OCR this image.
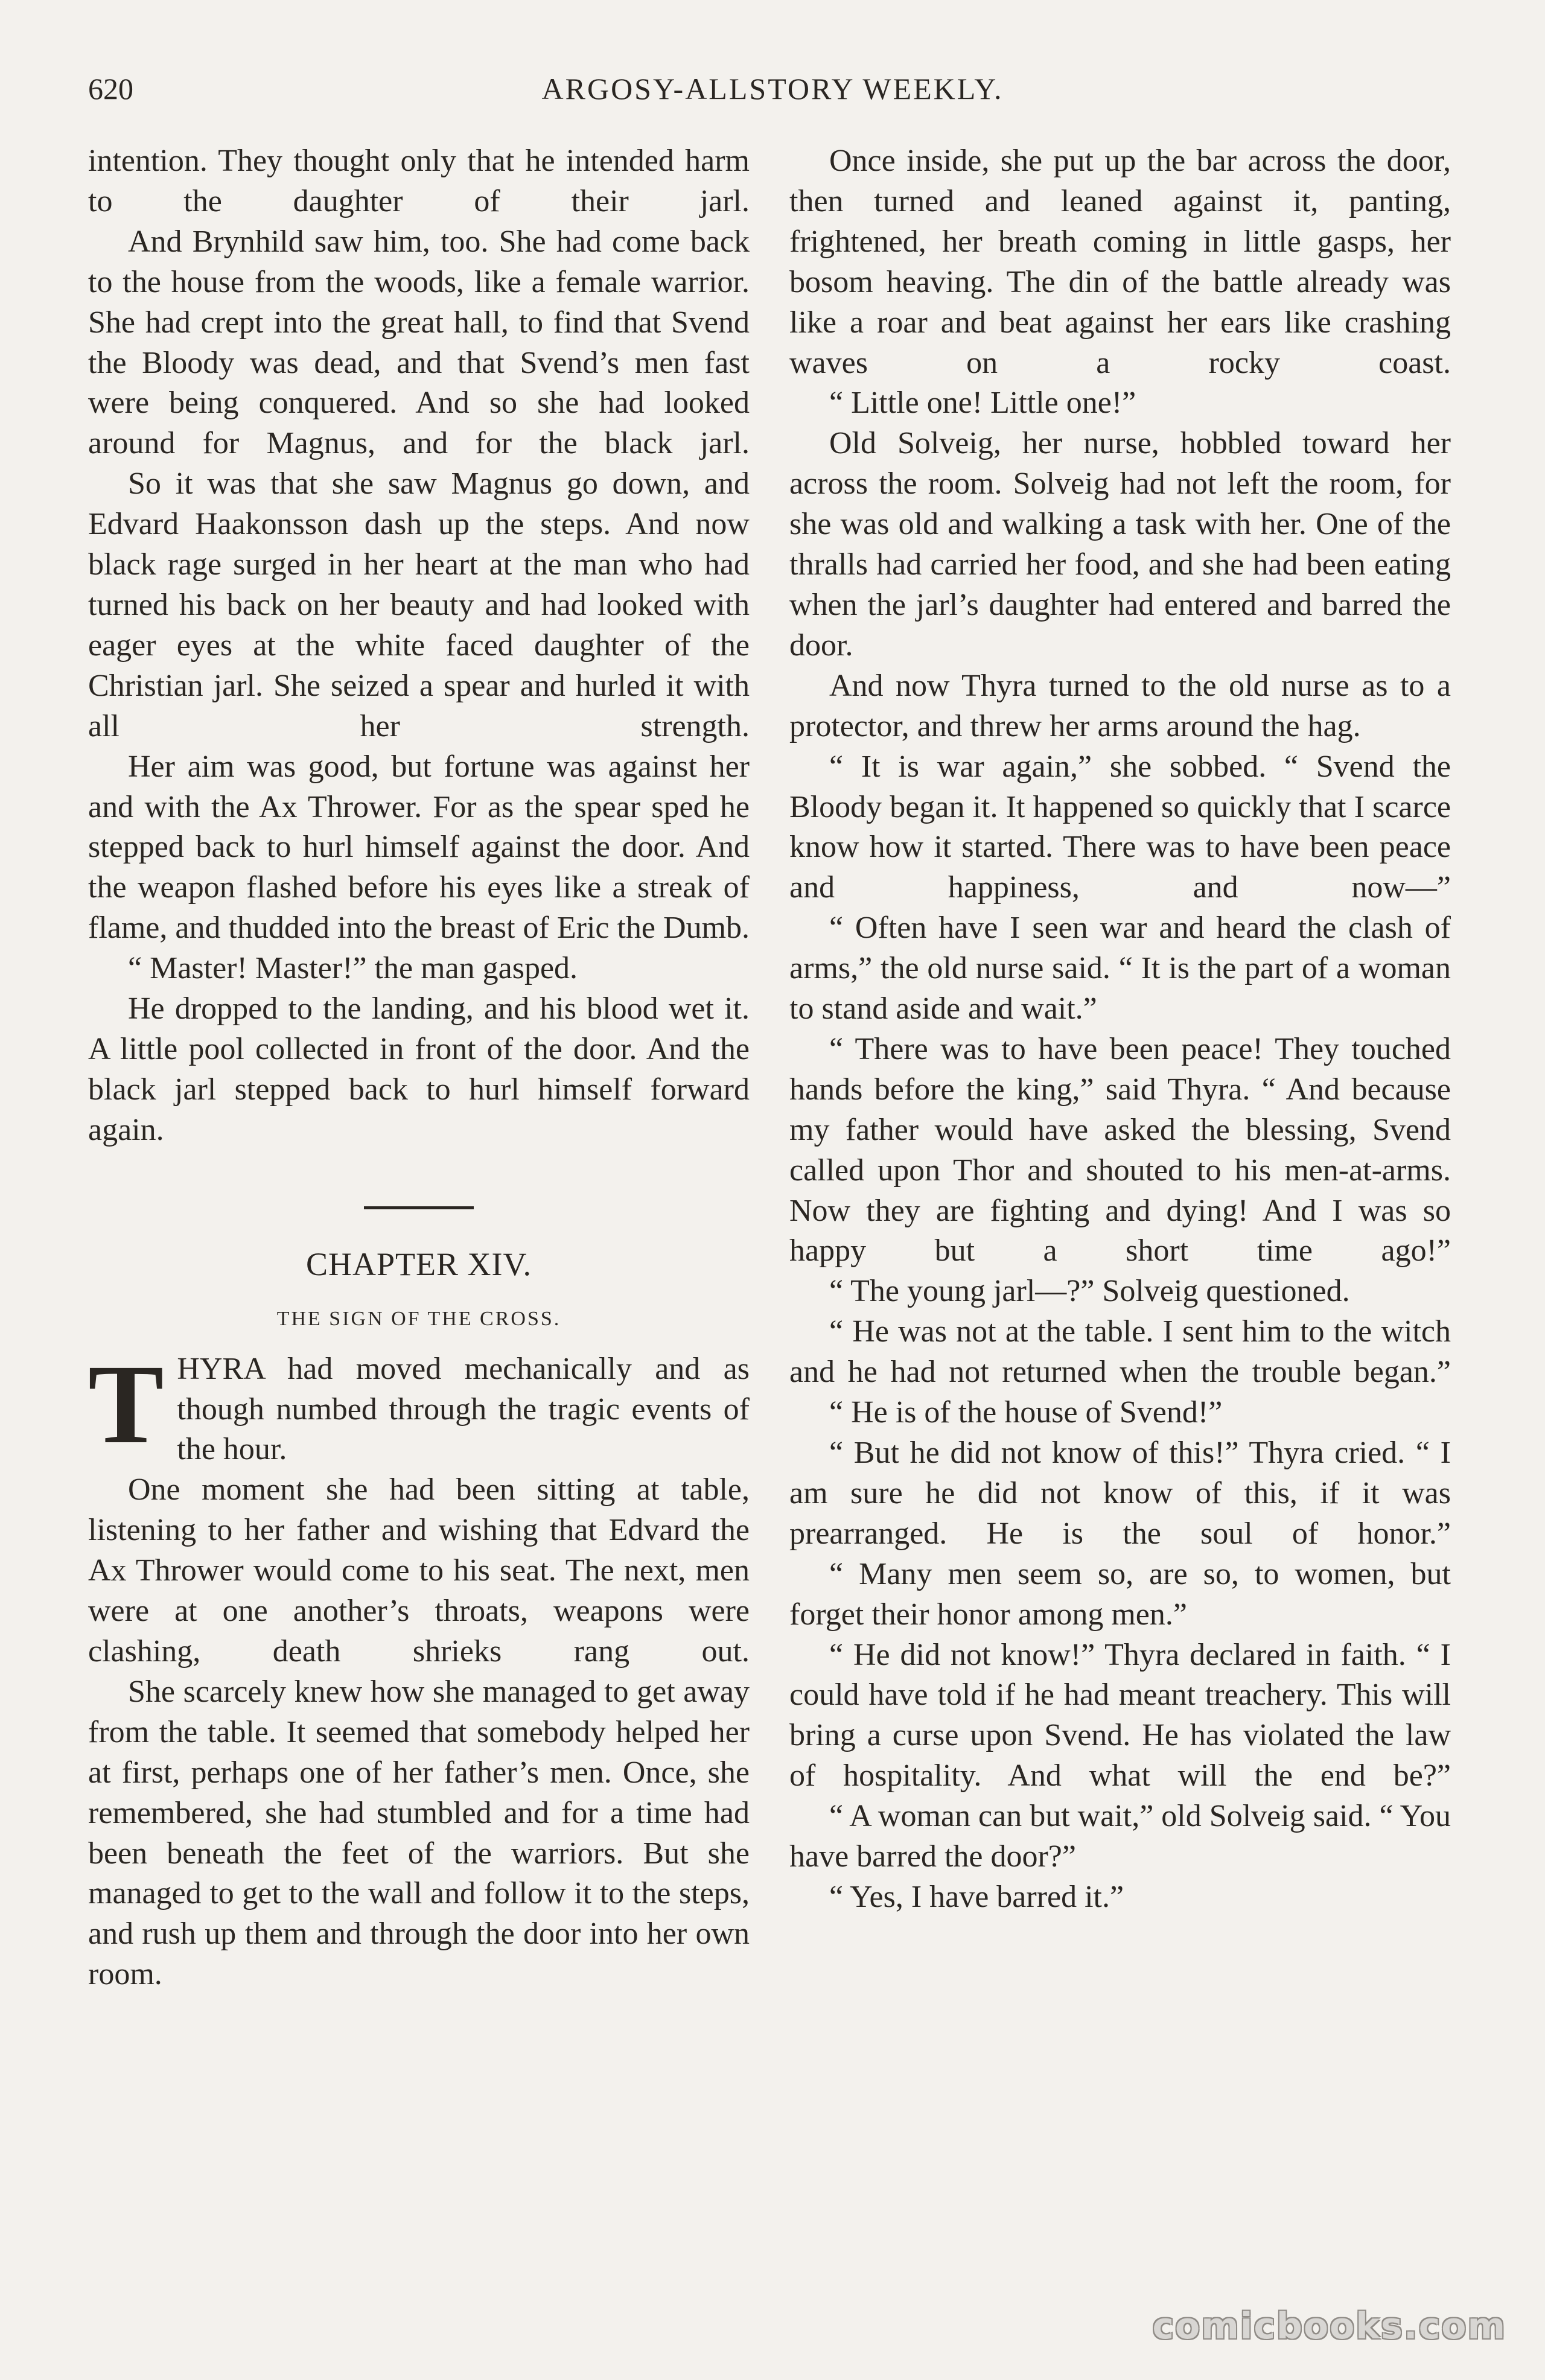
620	ARGOSY-ALLSTORY WEEKLY.

intention. They thought only that he intended harm to the daughter of their jarl.

And Brynhild saw him, too. She had come back to the house from the woods, like a female warrior. She had crept into the great hall, to find that Svend the Bloody was dead, and that Svend’s men fast were being conquered. And so she had looked around for Magnus, and for the black jarl.

So it was that she saw Magnus go down, and Edvard Haakonsson dash up the steps. And now black rage surged in her heart at the man who had turned his back on her beauty and had looked with eager eyes at the white faced daughter of the Christian jarl. She seized a spear and hurled it with all her strength.

Her aim was good, but fortune was against her and with the Ax Thrower. For as the spear sped he stepped back to hurl himself against the door. And the weapon flashed before his eyes like a streak of flame, and thudded into the breast of Eric the Dumb.

“ Master! Master!” the man gasped.

He dropped to the landing, and his blood wet it. A little pool collected in front of the door. And the black jarl stepped back to hurl himself forward again.

CHAPTER XIV.
THE SIGN OF THE CROSS.
T HYRA had moved mechanically and as though numbed through the tragic events of the hour.

One moment she had been sitting at table, listening to her father and wishing that Edvard the Ax Thrower would come to his seat. The next, men were at one another’s throats, weapons were clashing, death shrieks rang out.

She scarcely knew how she managed to get away from the table. It seemed that somebody helped her at first, perhaps one of her father’s men. Once, she remembered, she had stumbled and for a time had been beneath the feet of the warriors. But she managed to get to the wall and follow it to the steps, and rush up them and through the door into her own room.

Once inside, she put up the bar across the door, then turned and leaned against it, panting, frightened, her breath coming in little gasps, her bosom heaving. The din of the battle already was like a roar and beat against her ears like crashing waves on a rocky coast.

“ Little one! Little one!”

Old Solveig, her nurse, hobbled toward her across the room. Solveig had not left the room, for she was old and walking a task with her. One of the thralls had carried her food, and she had been eating when the jarl’s daughter had entered and barred the door.

And now Thyra turned to the old nurse as to a protector, and threw her arms around the hag.

“ It is war again,” she sobbed. “ Svend the Bloody began it. It happened so quickly that I scarce know how it started. There was to have been peace and happiness, and now—”

“ Often have I seen war and heard the clash of arms,” the old nurse said. “ It is the part of a woman to stand aside and wait.”

“ There was to have been peace! They touched hands before the king,” said Thyra. “ And because my father would have asked the blessing, Svend called upon Thor and shouted to his men-at-arms. Now they are fighting and dying! And I was so happy but a short time ago!”

“ The young jarl—?” Solveig questioned.

“ He was not at the table. I sent him to the witch and he had not returned when the trouble began.”

“ He is of the house of Svend!”

“ But he did not know of this!” Thyra cried. “ I am sure he did not know of this, if it was prearranged. He is the soul of honor.”

“ Many men seem so, are so, to women, but forget their honor among men.”

“ He did not know!” Thyra declared in faith. “ I could have told if he had meant treachery. This will bring a curse upon Svend. He has violated the law of hospitality. And what will the end be?”

“ A woman can but wait,” old Solveig said. “ You have barred the door?”

“ Yes, I have barred it.”

comicbooks.com
